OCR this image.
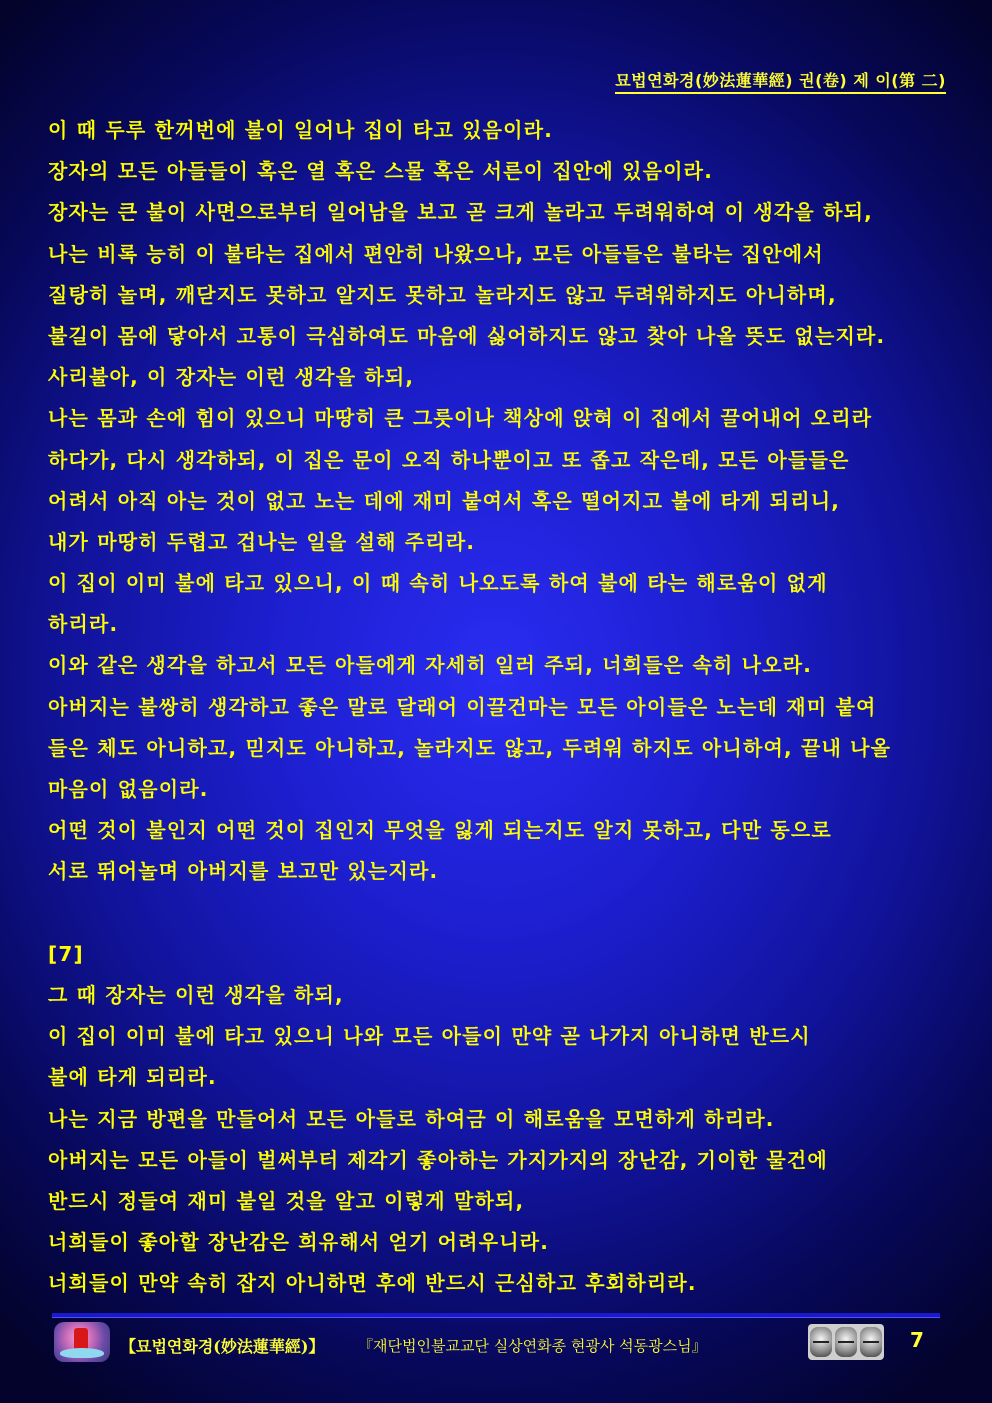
묘법연화경(妙法蓮華經) 권(卷) 제 이(第 二)
이 때 두루 한꺼번에 불이 일어나 집이 타고 있음이라.
장자의 모든 아들들이 혹은 열 혹은 스물 혹은 서른이 집안에 있음이라.
장자는 큰 불이 사면으로부터 일어남을 보고 곧 크게 놀라고 두려워하여 이 생각을 하되,
나는 비록 능히 이 불타는 집에서 편안히 나왔으나, 모든 아들들은 불타는 집안에서
질탕히 놀며, 깨닫지도 못하고 알지도 못하고 놀라지도 않고 두려워하지도 아니하며,
불길이 몸에 닿아서 고통이 극심하여도 마음에 싫어하지도 않고 찾아 나올 뜻도 없는지라.
사리불아, 이 장자는 이런 생각을 하되,
나는 몸과 손에 힘이 있으니 마땅히 큰 그릇이나 책상에 앉혀 이 집에서 끌어내어 오리라
하다가, 다시 생각하되, 이 집은 문이 오직 하나뿐이고 또 좁고 작은데, 모든 아들들은
어려서 아직 아는 것이 없고 노는 데에 재미 붙여서 혹은 떨어지고 불에 타게 되리니,
내가 마땅히 두렵고 겁나는 일을 설해 주리라.
이 집이 이미 불에 타고 있으니, 이 때 속히 나오도록 하여 불에 타는 해로움이 없게
하리라.
이와 같은 생각을 하고서 모든 아들에게 자세히 일러 주되, 너희들은 속히 나오라.
아버지는 불쌍히 생각하고 좋은 말로 달래어 이끌건마는 모든 아이들은 노는데 재미 붙여
들은 체도 아니하고, 믿지도 아니하고, 놀라지도 않고, 두려워 하지도 아니하여, 끝내 나올
마음이 없음이라.
어떤 것이 불인지 어떤 것이 집인지 무엇을 잃게 되는지도 알지 못하고, 다만 동으로
서로 뛰어놀며 아버지를 보고만 있는지라.
[7]
그 때 장자는 이런 생각을 하되,
이 집이 이미 불에 타고 있으니 나와 모든 아들이 만약 곧 나가지 아니하면 반드시
불에 타게 되리라.
나는 지금 방편을 만들어서 모든 아들로 하여금 이 해로움을 모면하게 하리라.
아버지는 모든 아들이 벌써부터 제각기 좋아하는 가지가지의 장난감, 기이한 물건에
반드시 정들여 재미 붙일 것을 알고 이렇게 말하되,
너희들이 좋아할 장난감은 희유해서 얻기 어려우니라.
너희들이 만약 속히 잡지 아니하면 후에 반드시 근심하고 후회하리라.
【묘법연화경(妙法蓮華經)】 『재단법인불교교단 실상연화종 현광사 석동광스님』	7
